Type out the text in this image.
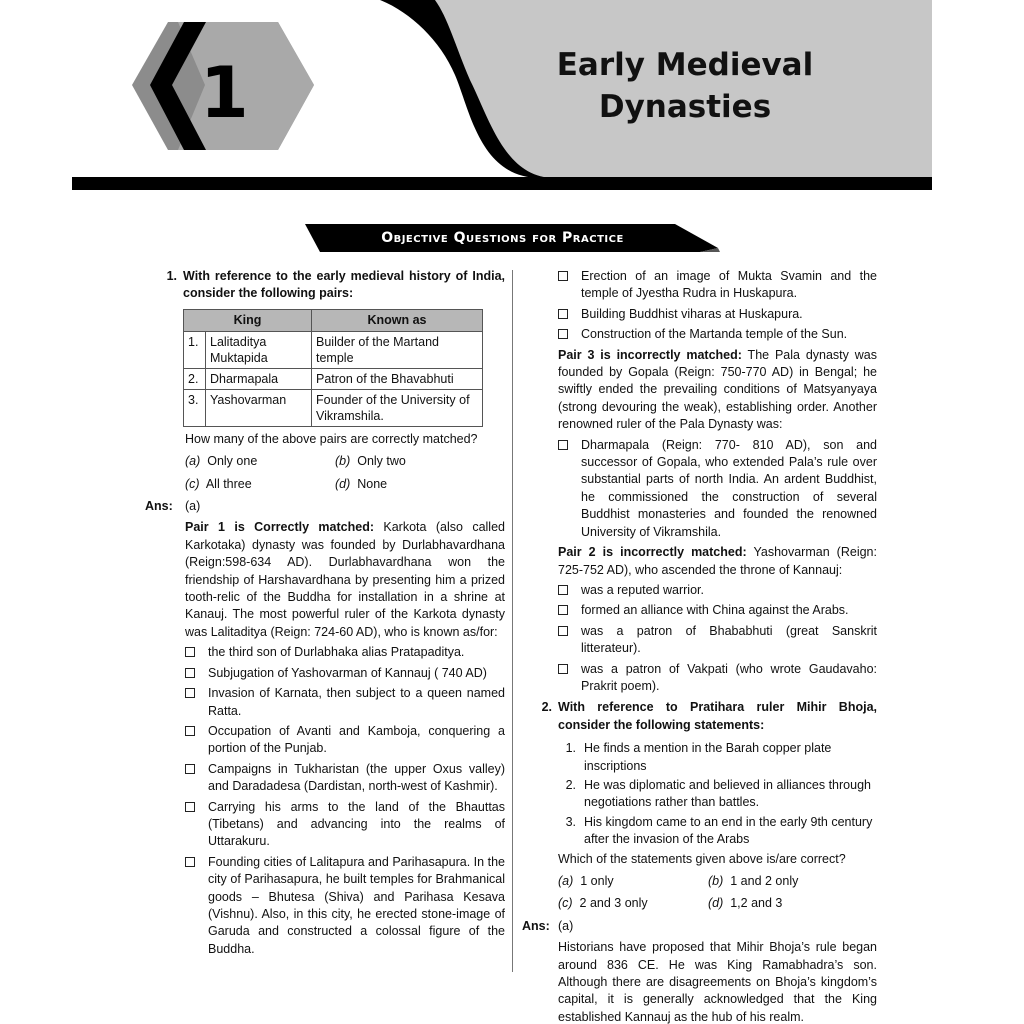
1	Early Medieval
Dynasties
Objective Questions for Practice
1. With reference to the early medieval history of India, consider the following pairs:
King		Known as
1.	Lalitaditya Muktapida	Builder of the Martand temple
2.	Dharmapala	Patron of the Bhavabhuti
3.	Yashovarman	Founder of the University of Vikramshila.
How many of the above pairs are correctly matched?
(a) Only one	(b) Only two
(c) All three	(d) None
Ans: (a)
Pair 1 is Correctly matched: Karkota (also called Karkotaka) dynasty was founded by Durlabhavardhana (Reign:598-634 AD). Durlabhavardhana won the friendship of Harshavardhana by presenting him a prized tooth-relic of the Buddha for installation in a shrine at Kanauj. The most powerful ruler of the Karkota dynasty was Lalitaditya (Reign: 724-60 AD), who is known as/for:
the third son of Durlabhaka alias Pratapaditya.
Subjugation of Yashovarman of Kannauj ( 740 AD)
Invasion of Karnata, then subject to a queen named Ratta.
Occupation of Avanti and Kamboja, conquering a portion of the Punjab.
Campaigns in Tukharistan (the upper Oxus valley) and Daradadesa (Dardistan, north-west of Kashmir).
Carrying his arms to the land of the Bhauttas (Tibetans) and advancing into the realms of Uttarakuru.
Founding cities of Lalitapura and Parihasapura. In the city of Parihasapura, he built temples for Brahmanical goods – Bhutesa (Shiva) and Parihasa Kesava (Vishnu). Also, in this city, he erected stone-image of Garuda and constructed a colossal figure of the Buddha.
Erection of an image of Mukta Svamin and the temple of Jyestha Rudra in Huskapura.
Building Buddhist viharas at Huskapura.
Construction of the Martanda temple of the Sun.
Pair 3 is incorrectly matched: The Pala dynasty was founded by Gopala (Reign: 750-770 AD) in Bengal; he swiftly ended the prevailing conditions of Matsyanyaya (strong devouring the weak), establishing order. Another renowned ruler of the Pala Dynasty was:
Dharmapala (Reign: 770- 810 AD), son and successor of Gopala, who extended Pala’s rule over substantial parts of north India. An ardent Buddhist, he commissioned the construction of several Buddhist monasteries and founded the renowned University of Vikramshila.
Pair 2 is incorrectly matched: Yashovarman (Reign: 725-752 AD), who ascended the throne of Kannauj:
was a reputed warrior.
formed an alliance with China against the Arabs.
was a patron of Bhababhuti (great Sanskrit litterateur).
was a patron of Vakpati (who wrote Gaudavaho: Prakrit poem).
2. With reference to Pratihara ruler Mihir Bhoja, consider the following statements:
1. He finds a mention in the Barah copper plate inscriptions
2. He was diplomatic and believed in alliances through negotiations rather than battles.
3. His kingdom came to an end in the early 9th century after the invasion of the Arabs
Which of the statements given above is/are correct?
(a) 1 only	(b) 1 and 2 only
(c) 2 and 3 only	(d) 1,2 and 3
Ans: (a)
Historians have proposed that Mihir Bhoja’s rule began around 836 CE. He was King Ramabhadra’s son. Although there are disagreements on Bhoja’s kingdom’s capital, it is generally acknowledged that the King established Kannauj as the hub of his realm.
